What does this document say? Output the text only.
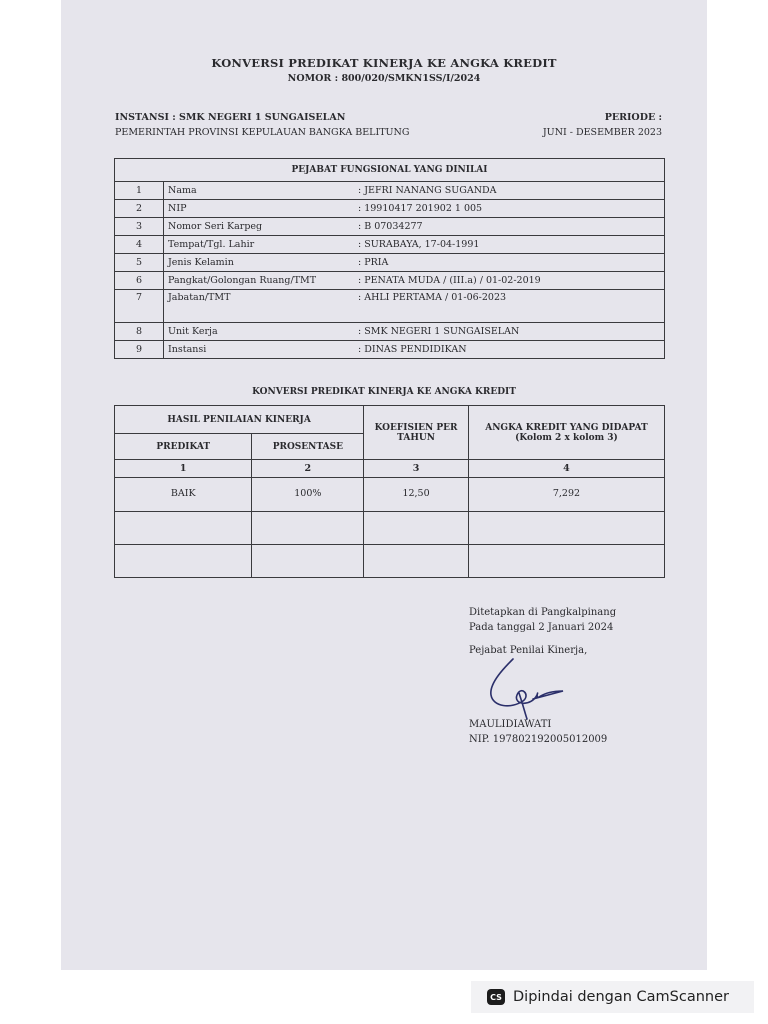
KONVERSI PREDIKAT KINERJA KE ANGKA KREDIT
NOMOR : 800/020/SMKN1SS/I/2024
INSTANSI : SMK NEGERI 1 SUNGAISELAN
PEMERINTAH PROVINSI KEPULAUAN BANGKA BELITUNG
PERIODE :
JUNI - DESEMBER 2023
PEJABAT FUNGSIONAL YANG DINILAI		
1	Nama	: JEFRI NANANG SUGANDA
2	NIP	: 19910417 201902 1 005
3	Nomor Seri Karpeg	: B 07034277
4	Tempat/Tgl. Lahir	: SURABAYA, 17-04-1991
5	Jenis Kelamin	: PRIA
6	Pangkat/Golongan Ruang/TMT	: PENATA MUDA / (III.a) / 01-02-2019
7	Jabatan/TMT	: AHLI PERTAMA / 01-06-2023
8	Unit Kerja	: SMK NEGERI 1 SUNGAISELAN
9	Instansi	: DINAS PENDIDIKAN
KONVERSI PREDIKAT KINERJA KE ANGKA KREDIT
HASIL PENILAIAN KINERJA		KOEFISIEN PER TAHUN	ANGKA KREDIT YANG DIDAPAT (Kolom 2 x kolom 3)
PREDIKAT	PROSENTASE		
1	2	3	4
BAIK	100%	12,50	7,292

Ditetapkan di Pangkalpinang
Pada tanggal 2 Januari 2024
Pejabat Penilai Kinerja,
MAULIDIAWATI
NIP. 197802192005012009
CS Dipindai dengan CamScanner
